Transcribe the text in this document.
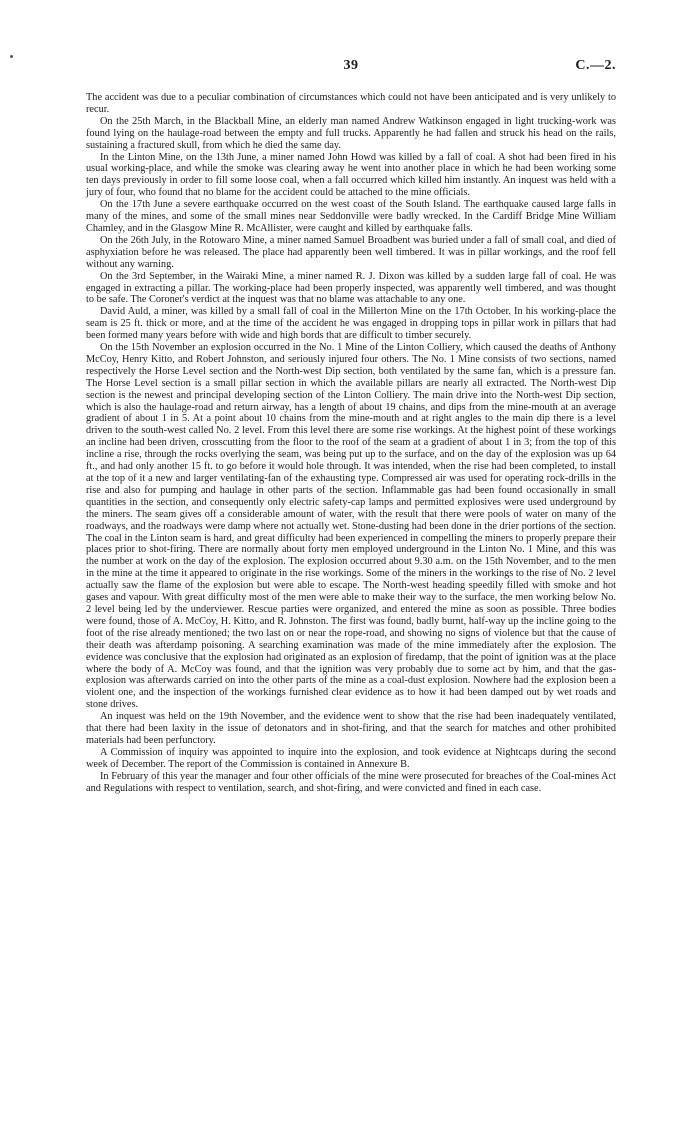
39	C.—2.

The accident was due to a peculiar combination of circumstances which could not have been anticipated and is very unlikely to recur.

On the 25th March, in the Blackball Mine, an elderly man named Andrew Watkinson engaged in light trucking-work was found lying on the haulage-road between the empty and full trucks. Apparently he had fallen and struck his head on the rails, sustaining a fractured skull, from which he died the same day.

In the Linton Mine, on the 13th June, a miner named John Howd was killed by a fall of coal. A shot had been fired in his usual working-place, and while the smoke was clearing away he went into another place in which he had been working some ten days previously in order to fill some loose coal, when a fall occurred which killed him instantly. An inquest was held with a jury of four, who found that no blame for the accident could be attached to the mine officials.

On the 17th June a severe earthquake occurred on the west coast of the South Island. The earthquake caused large falls in many of the mines, and some of the small mines near Seddonville were badly wrecked. In the Cardiff Bridge Mine William Chamley, and in the Glasgow Mine R. McAllister, were caught and killed by earthquake falls.

On the 26th July, in the Rotowaro Mine, a miner named Samuel Broadbent was buried under a fall of small coal, and died of asphyxiation before he was released. The place had apparently been well timbered. It was in pillar workings, and the roof fell without any warning.

On the 3rd September, in the Wairaki Mine, a miner named R. J. Dixon was killed by a sudden large fall of coal. He was engaged in extracting a pillar. The working-place had been properly inspected, was apparently well timbered, and was thought to be safe. The Coroner's verdict at the inquest was that no blame was attachable to any one.

David Auld, a miner, was killed by a small fall of coal in the Millerton Mine on the 17th October. In his working-place the seam is 25 ft. thick or more, and at the time of the accident he was engaged in dropping tops in pillar work in pillars that had been formed many years before with wide and high bords that are difficult to timber securely.

On the 15th November an explosion occurred in the No. 1 Mine of the Linton Colliery, which caused the deaths of Anthony McCoy, Henry Kitto, and Robert Johnston, and seriously injured four others. The No. 1 Mine consists of two sections, named respectively the Horse Level section and the North-west Dip section, both ventilated by the same fan, which is a pressure fan. The Horse Level section is a small pillar section in which the available pillars are nearly all extracted. The North-west Dip section is the newest and principal developing section of the Linton Colliery. The main drive into the North-west Dip section, which is also the haulage-road and return airway, has a length of about 19 chains, and dips from the mine-mouth at an average gradient of about 1 in 5. At a point about 10 chains from the mine-mouth and at right angles to the main dip there is a level driven to the south-west called No. 2 level. From this level there are some rise workings. At the highest point of these workings an incline had been driven, crosscutting from the floor to the roof of the seam at a gradient of about 1 in 3; from the top of this incline a rise, through the rocks overlying the seam, was being put up to the surface, and on the day of the explosion was up 64 ft., and had only another 15 ft. to go before it would hole through. It was intended, when the rise had been completed, to install at the top of it a new and larger ventilating-fan of the exhausting type. Compressed air was used for operating rock-drills in the rise and also for pumping and haulage in other parts of the section. Inflammable gas had been found occasionally in small quantities in the section, and consequently only electric safety-cap lamps and permitted explosives were used underground by the miners. The seam gives off a considerable amount of water, with the result that there were pools of water on many of the roadways, and the roadways were damp where not actually wet. Stone-dusting had been done in the drier portions of the section. The coal in the Linton seam is hard, and great difficulty had been experienced in compelling the miners to properly prepare their places prior to shot-firing. There are normally about forty men employed underground in the Linton No. 1 Mine, and this was the number at work on the day of the explosion. The explosion occurred about 9.30 a.m. on the 15th November, and to the men in the mine at the time it appeared to originate in the rise workings. Some of the miners in the workings to the rise of No. 2 level actually saw the flame of the explosion but were able to escape. The North-west heading speedily filled with smoke and hot gases and vapour. With great difficulty most of the men were able to make their way to the surface, the men working below No. 2 level being led by the underviewer. Rescue parties were organized, and entered the mine as soon as possible. Three bodies were found, those of A. McCoy, H. Kitto, and R. Johnston. The first was found, badly burnt, half-way up the incline going to the foot of the rise already mentioned; the two last on or near the rope-road, and showing no signs of violence but that the cause of their death was afterdamp poisoning. A searching examination was made of the mine immediately after the explosion. The evidence was conclusive that the explosion had originated as an explosion of firedamp, that the point of ignition was at the place where the body of A. McCoy was found, and that the ignition was very probably due to some act by him, and that the gas-explosion was afterwards carried on into the other parts of the mine as a coal-dust explosion. Nowhere had the explosion been a violent one, and the inspection of the workings furnished clear evidence as to how it had been damped out by wet roads and stone drives.

An inquest was held on the 19th November, and the evidence went to show that the rise had been inadequately ventilated, that there had been laxity in the issue of detonators and in shot-firing, and that the search for matches and other prohibited materials had been perfunctory.

A Commission of inquiry was appointed to inquire into the explosion, and took evidence at Nightcaps during the second week of December. The report of the Commission is contained in Annexure B.

In February of this year the manager and four other officials of the mine were prosecuted for breaches of the Coal-mines Act and Regulations with respect to ventilation, search, and shot-firing, and were convicted and fined in each case.
